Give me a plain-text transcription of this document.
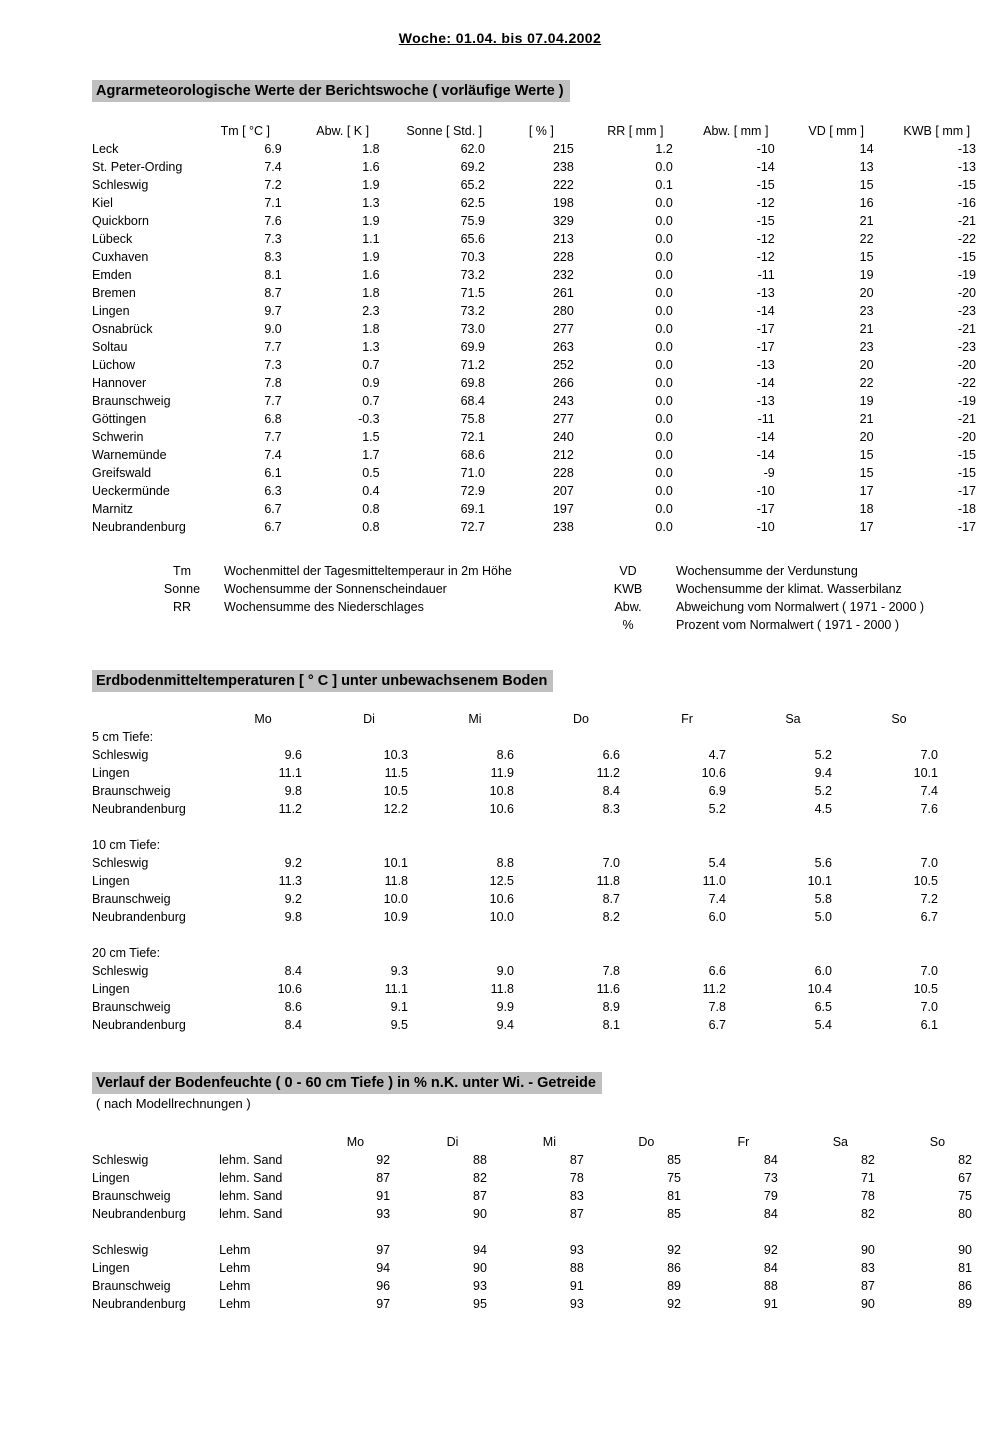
Woche: 01.04. bis 07.04.2002
Agrarmeteorologische Werte der Berichtswoche ( vorläufige Werte )
	Tm [ °C ]	Abw. [ K ]	Sonne [ Std. ]	[ % ]	RR [ mm ]	Abw. [ mm ]	VD [ mm ]	KWB [ mm ]
Leck	6.9	1.8	62.0	215	1.2	-10	14	-13
St. Peter-Ording	7.4	1.6	69.2	238	0.0	-14	13	-13
Schleswig	7.2	1.9	65.2	222	0.1	-15	15	-15
Kiel	7.1	1.3	62.5	198	0.0	-12	16	-16
Quickborn	7.6	1.9	75.9	329	0.0	-15	21	-21
Lübeck	7.3	1.1	65.6	213	0.0	-12	22	-22
Cuxhaven	8.3	1.9	70.3	228	0.0	-12	15	-15
Emden	8.1	1.6	73.2	232	0.0	-11	19	-19
Bremen	8.7	1.8	71.5	261	0.0	-13	20	-20
Lingen	9.7	2.3	73.2	280	0.0	-14	23	-23
Osnabrück	9.0	1.8	73.0	277	0.0	-17	21	-21
Soltau	7.7	1.3	69.9	263	0.0	-17	23	-23
Lüchow	7.3	0.7	71.2	252	0.0	-13	20	-20
Hannover	7.8	0.9	69.8	266	0.0	-14	22	-22
Braunschweig	7.7	0.7	68.4	243	0.0	-13	19	-19
Göttingen	6.8	-0.3	75.8	277	0.0	-11	21	-21
Schwerin	7.7	1.5	72.1	240	0.0	-14	20	-20
Warnemünde	7.4	1.7	68.6	212	0.0	-14	15	-15
Greifswald	6.1	0.5	71.0	228	0.0	-9	15	-15
Ueckermünde	6.3	0.4	72.9	207	0.0	-10	17	-17
Marnitz	6.7	0.8	69.1	197	0.0	-17	18	-18
Neubrandenburg	6.7	0.8	72.7	238	0.0	-10	17	-17
Tm	Wochenmittel der Tagesmitteltemperaur in 2m Höhe	VD	Wochensumme der Verdunstung
Sonne	Wochensumme der Sonnenscheindauer	KWB	Wochensumme der klimat. Wasserbilanz
RR	Wochensumme des Niederschlages	Abw.	Abweichung vom Normalwert ( 1971 - 2000 )
		%	Prozent vom Normalwert ( 1971 - 2000 )
Erdbodenmitteltemperaturen [ ° C ] unter unbewachsenem Boden
	Mo	Di	Mi	Do	Fr	Sa	So
5 cm Tiefe:							
Schleswig	9.6	10.3	8.6	6.6	4.7	5.2	7.0
Lingen	11.1	11.5	11.9	11.2	10.6	9.4	10.1
Braunschweig	9.8	10.5	10.8	8.4	6.9	5.2	7.4
Neubrandenburg	11.2	12.2	10.6	8.3	5.2	4.5	7.6

10 cm Tiefe:							
Schleswig	9.2	10.1	8.8	7.0	5.4	5.6	7.0
Lingen	11.3	11.8	12.5	11.8	11.0	10.1	10.5
Braunschweig	9.2	10.0	10.6	8.7	7.4	5.8	7.2
Neubrandenburg	9.8	10.9	10.0	8.2	6.0	5.0	6.7

20 cm Tiefe:							
Schleswig	8.4	9.3	9.0	7.8	6.6	6.0	7.0
Lingen	10.6	11.1	11.8	11.6	11.2	10.4	10.5
Braunschweig	8.6	9.1	9.9	8.9	7.8	6.5	7.0
Neubrandenburg	8.4	9.5	9.4	8.1	6.7	5.4	6.1
Verlauf der Bodenfeuchte ( 0 - 60 cm Tiefe ) in % n.K. unter Wi. - Getreide
( nach Modellrechnungen )
		Mo	Di	Mi	Do	Fr	Sa	So
Schleswig	lehm. Sand	92	88	87	85	84	82	82
Lingen	lehm. Sand	87	82	78	75	73	71	67
Braunschweig	lehm. Sand	91	87	83	81	79	78	75
Neubrandenburg	lehm. Sand	93	90	87	85	84	82	80

Schleswig	Lehm	97	94	93	92	92	90	90
Lingen	Lehm	94	90	88	86	84	83	81
Braunschweig	Lehm	96	93	91	89	88	87	86
Neubrandenburg	Lehm	97	95	93	92	91	90	89
